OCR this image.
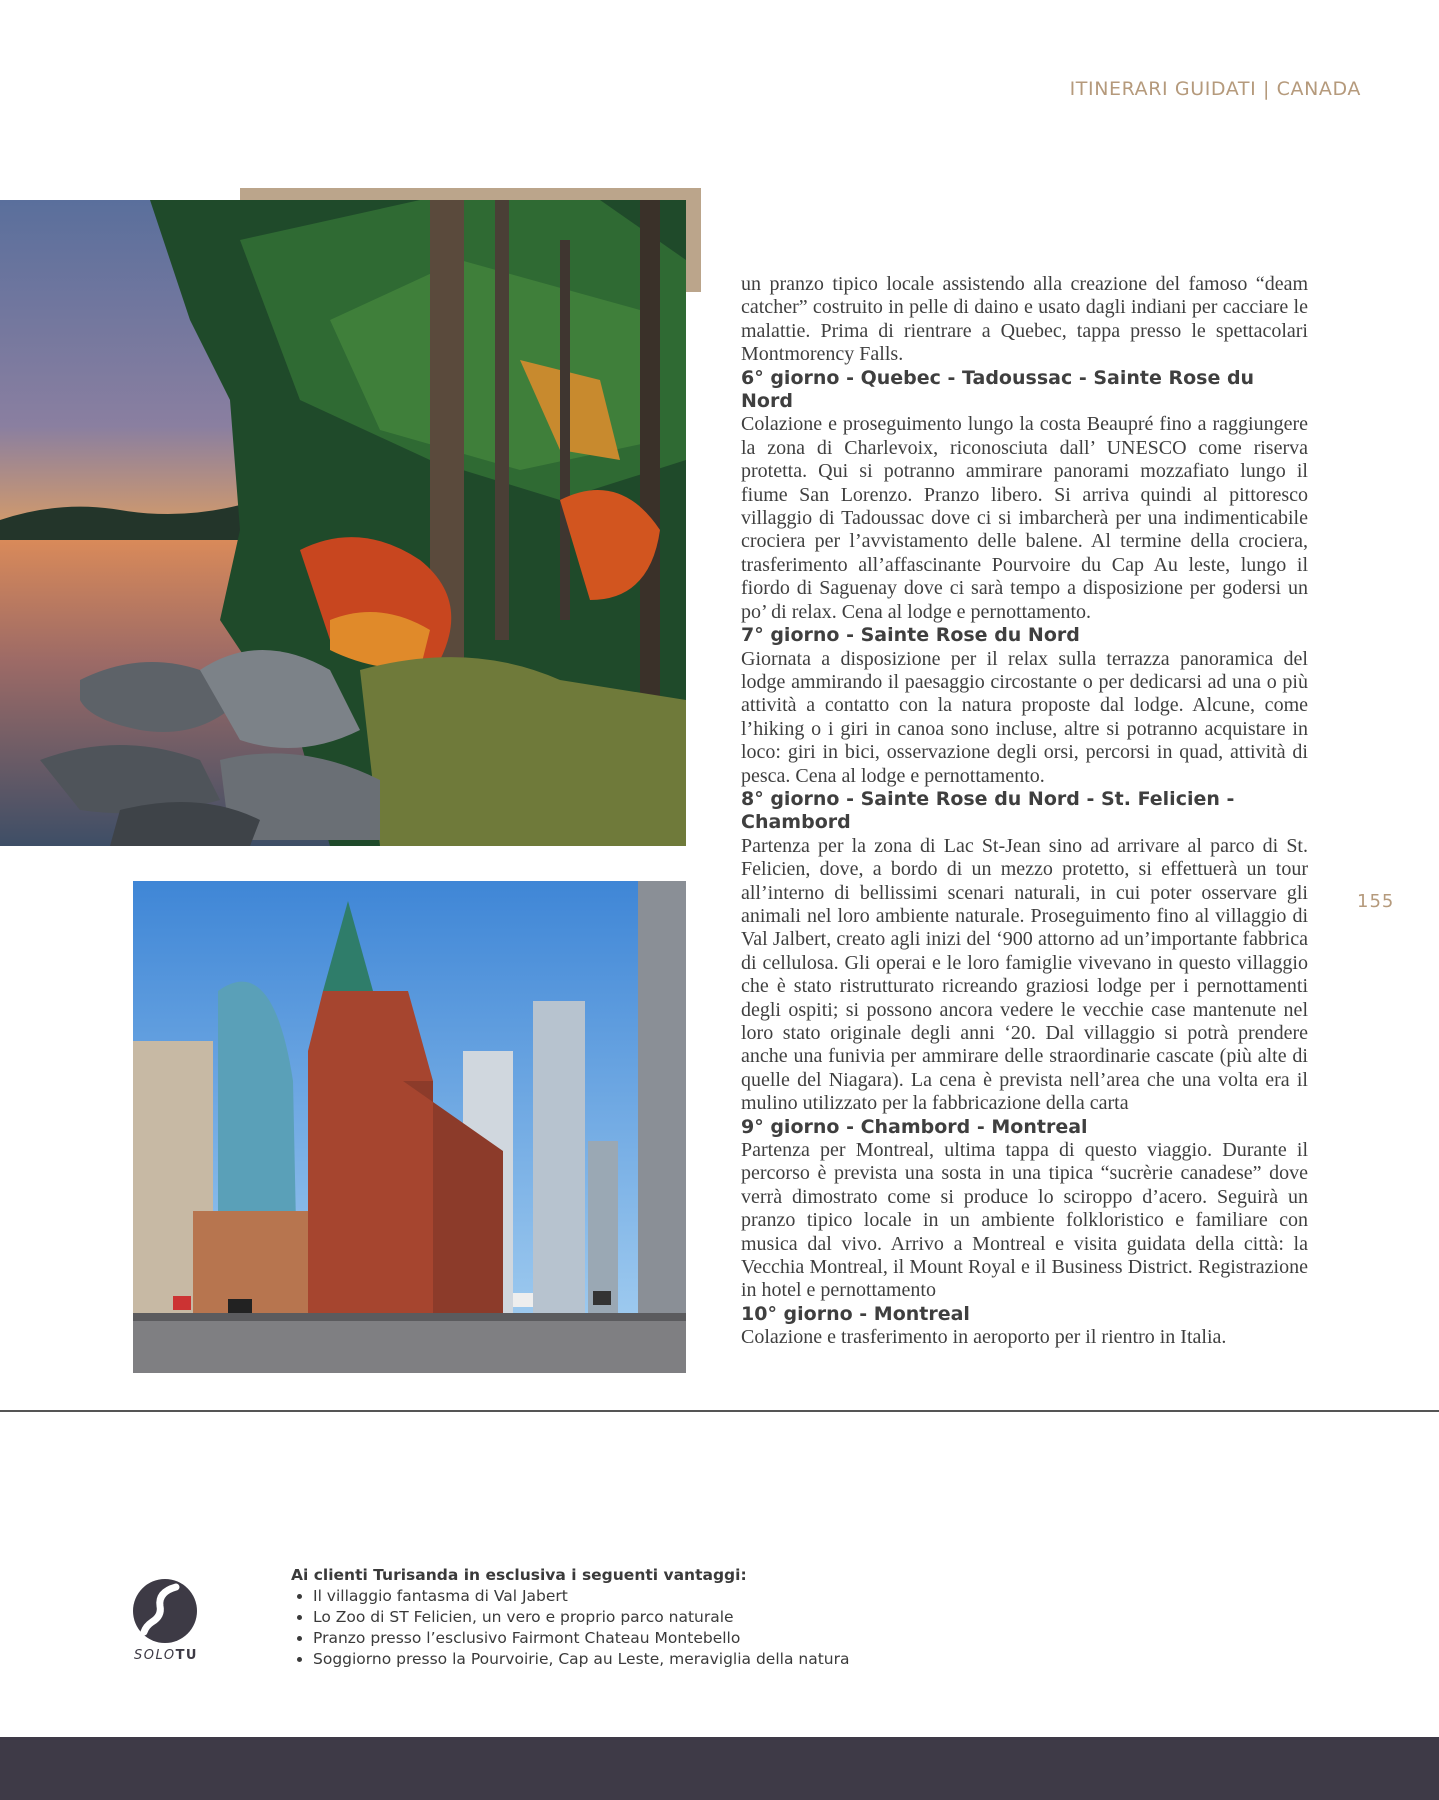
ITINERARI GUIDATI | CANADA

un pranzo tipico locale assistendo alla creazione del famoso “deam catcher” costruito in pelle di daino e usato dagli indiani per cacciare le malattie. Prima di rientrare a Quebec, tappa presso le spettacolari Montmorency Falls.

6° giorno - Quebec - Tadoussac - Sainte Rose du Nord

Colazione e proseguimento lungo la costa Beaupré fino a raggiungere la zona di Charlevoix, riconosciuta dall’ UNESCO come riserva protetta. Qui si potranno ammirare panorami mozzafiato lungo il fiume San Lorenzo. Pranzo libero. Si arriva quindi al pittoresco villaggio di Tadoussac dove ci si imbarcherà per una indimenticabile crociera per l’avvistamento delle balene. Al termine della crociera, trasferimento all’affascinante Pourvoire du Cap Au leste, lungo il fiordo di Saguenay dove ci sarà tempo a disposizione per godersi un po’ di relax. Cena al lodge e pernottamento.

7° giorno - Sainte Rose du Nord

Giornata a disposizione per il relax sulla terrazza panoramica del lodge ammirando il paesaggio circostante o per dedicarsi ad una o più attività a contatto con la natura proposte dal lodge. Alcune, come l’hiking o i giri in canoa sono incluse, altre si potranno acquistare in loco: giri in bici, osservazione degli orsi, percorsi in quad, attività di pesca. Cena al lodge e pernottamento.

8° giorno - Sainte Rose du Nord - St. Felicien - Chambord

Partenza per la zona di Lac St-Jean sino ad arrivare al parco di St. Felicien, dove, a bordo di un mezzo protetto, si effettuerà un tour all’interno di bellissimi scenari naturali, in cui poter osservare gli animali nel loro ambiente naturale. Proseguimento fino al villaggio di Val Jalbert, creato agli inizi del ‘900 attorno ad un’importante fabbrica di cellulosa. Gli operai e le loro famiglie vivevano in questo villaggio che è stato ristrutturato ricreando graziosi lodge per i pernottamenti degli ospiti; si possono ancora vedere le vecchie case mantenute nel loro stato originale degli anni ‘20. Dal villaggio si potrà prendere anche una funivia per ammirare delle straordinarie cascate (più alte di quelle del Niagara). La cena è prevista nell’area che una volta era il mulino utilizzato per la fabbricazione della carta

9° giorno - Chambord - Montreal

Partenza per Montreal, ultima tappa di questo viaggio. Durante il percorso è prevista una sosta in una tipica “sucrèrie canadese” dove verrà dimostrato come si produce lo sciroppo d’acero. Seguirà un pranzo tipico locale in un ambiente folkloristico e familiare con musica dal vivo. Arrivo a Montreal e visita guidata della città: la Vecchia Montreal, il Mount Royal e il Business District. Registrazione in hotel e pernottamento

10° giorno - Montreal

Colazione e trasferimento in aeroporto per il rientro in Italia.

155
SOLOTU
Ai clienti Turisanda in esclusiva i seguenti vantaggi:
• Il villaggio fantasma di Val Jabert
• Lo Zoo di ST Felicien, un vero e proprio parco naturale
• Pranzo presso l’esclusivo Fairmont Chateau Montebello
• Soggiorno presso la Pourvoirie, Cap au Leste, meraviglia della natura
